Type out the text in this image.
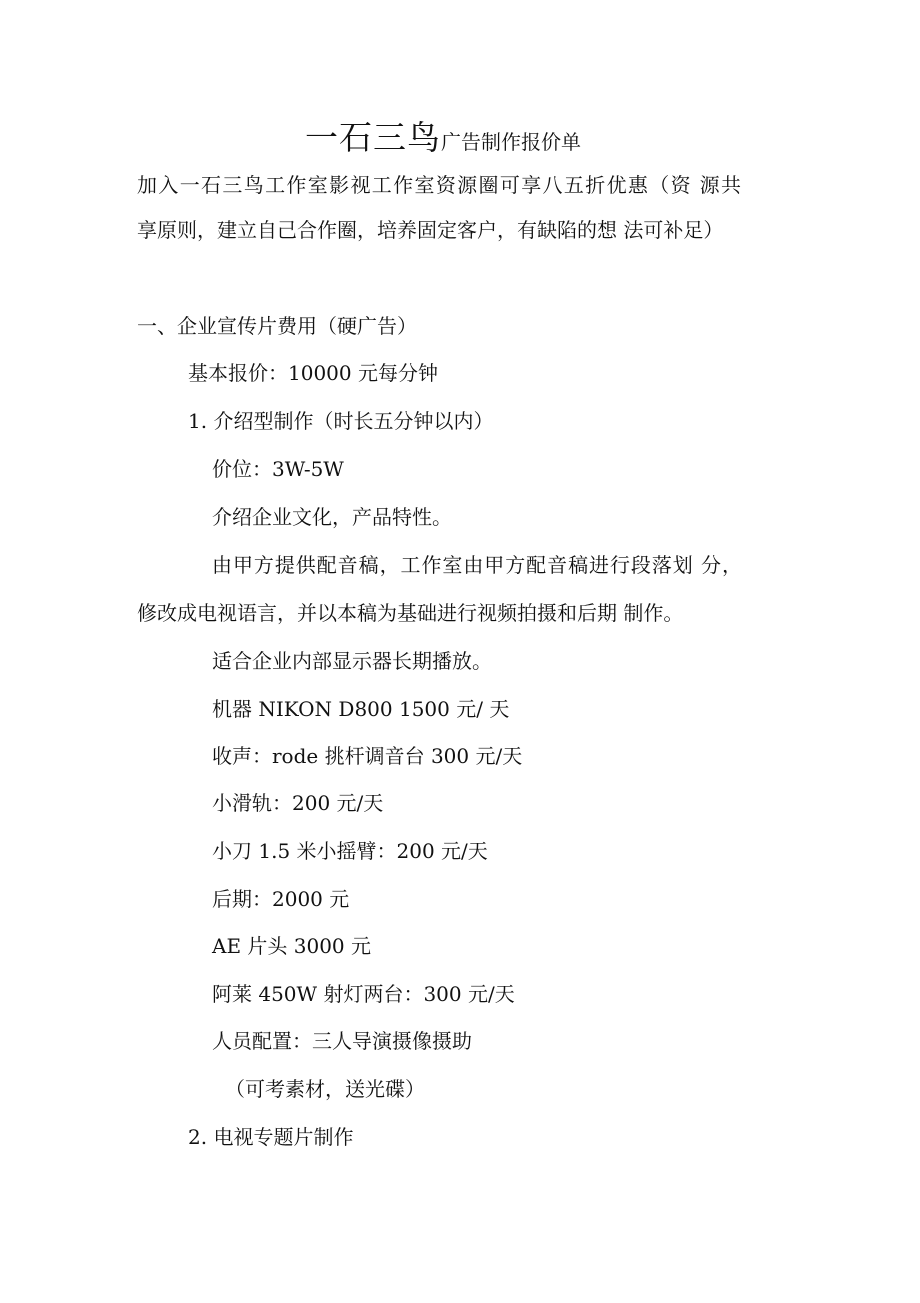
一石三鸟广告制作报价单
加入一石三鸟工作室影视工作室资源圈可享八五折优惠（资 源共
享原则，建立自己合作圈，培养固定客户，有缺陷的想 法可补足）
一、企业宣传片费用（硬广告）
基本报价：10000 元每分钟
1. 介绍型制作（时长五分钟以内）
价位：3W-5W
介绍企业文化，产品特性。
由甲方提供配音稿，工作室由甲方配音稿进行段落划 分，
修改成电视语言，并以本稿为基础进行视频拍摄和后期 制作。
适合企业内部显示器长期播放。
机器 NIKON D800 1500 元/ 天
收声：rode 挑杆调音台 300 元/天
小滑轨：200 元/天
小刀 1.5 米小摇臂：200 元/天
后期：2000 元
AE 片头 3000 元
阿莱 450W 射灯两台：300 元/天
人员配置：三人导演摄像摄助
（可考素材，送光碟）
2. 电视专题片制作
